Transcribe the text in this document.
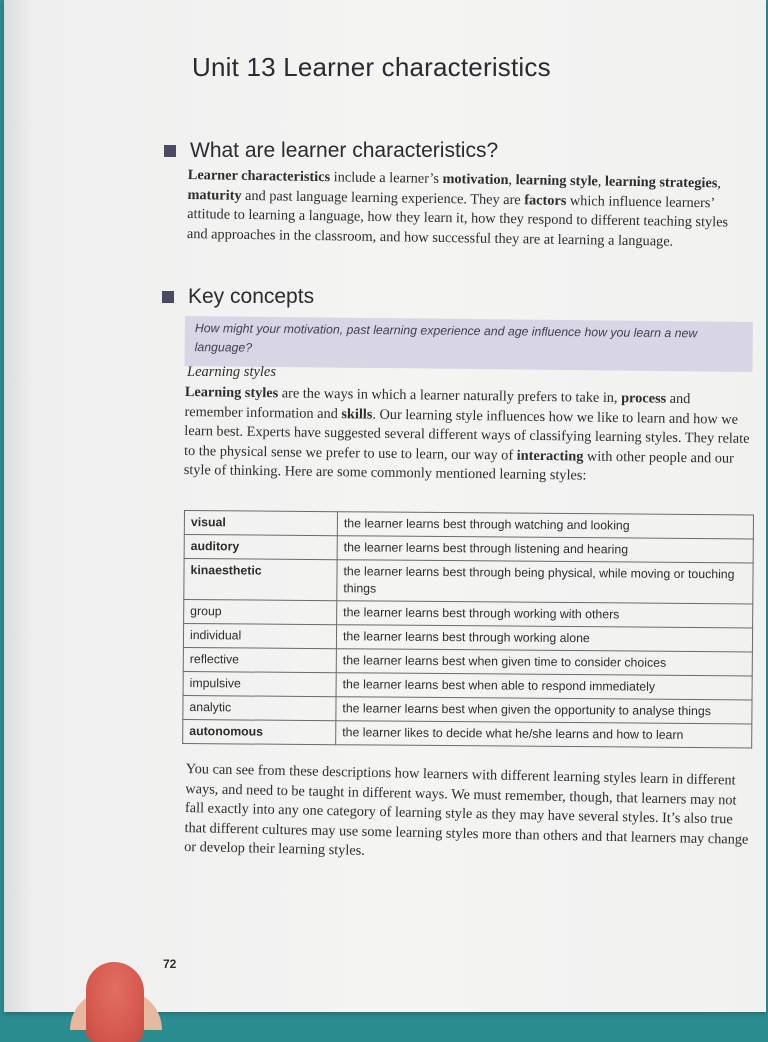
Unit 13 Learner characteristics
What are learner characteristics?

Learner characteristics include a learner’s motivation, learning style, learning strategies, maturity and past language learning experience. They are factors which influence learners’ attitude to learning a language, how they learn it, how they respond to different teaching styles and approaches in the classroom, and how successful they are at learning a language.

Key concepts

How might your motivation, past learning experience and age influence how you learn a new language?

Learning styles

Learning styles are the ways in which a learner naturally prefers to take in, process and remember information and skills. Our learning style influences how we like to learn and how we learn best. Experts have suggested several different ways of classifying learning styles. They relate to the physical sense we prefer to use to learn, our way of interacting with other people and our style of thinking. Here are some commonly mentioned learning styles:

visual	the learner learns best through watching and looking
auditory	the learner learns best through listening and hearing
kinaesthetic	the learner learns best through being physical, while moving or touching things
group	the learner learns best through working with others
individual	the learner learns best through working alone
reflective	the learner learns best when given time to consider choices
impulsive	the learner learns best when able to respond immediately
analytic	the learner learns best when given the opportunity to analyse things
autonomous	the learner likes to decide what he/she learns and how to learn

You can see from these descriptions how learners with different learning styles learn in different ways, and need to be taught in different ways. We must remember, though, that learners may not fall exactly into any one category of learning style as they may have several styles. It’s also true that different cultures may use some learning styles more than others and that learners may change or develop their learning styles.

72
